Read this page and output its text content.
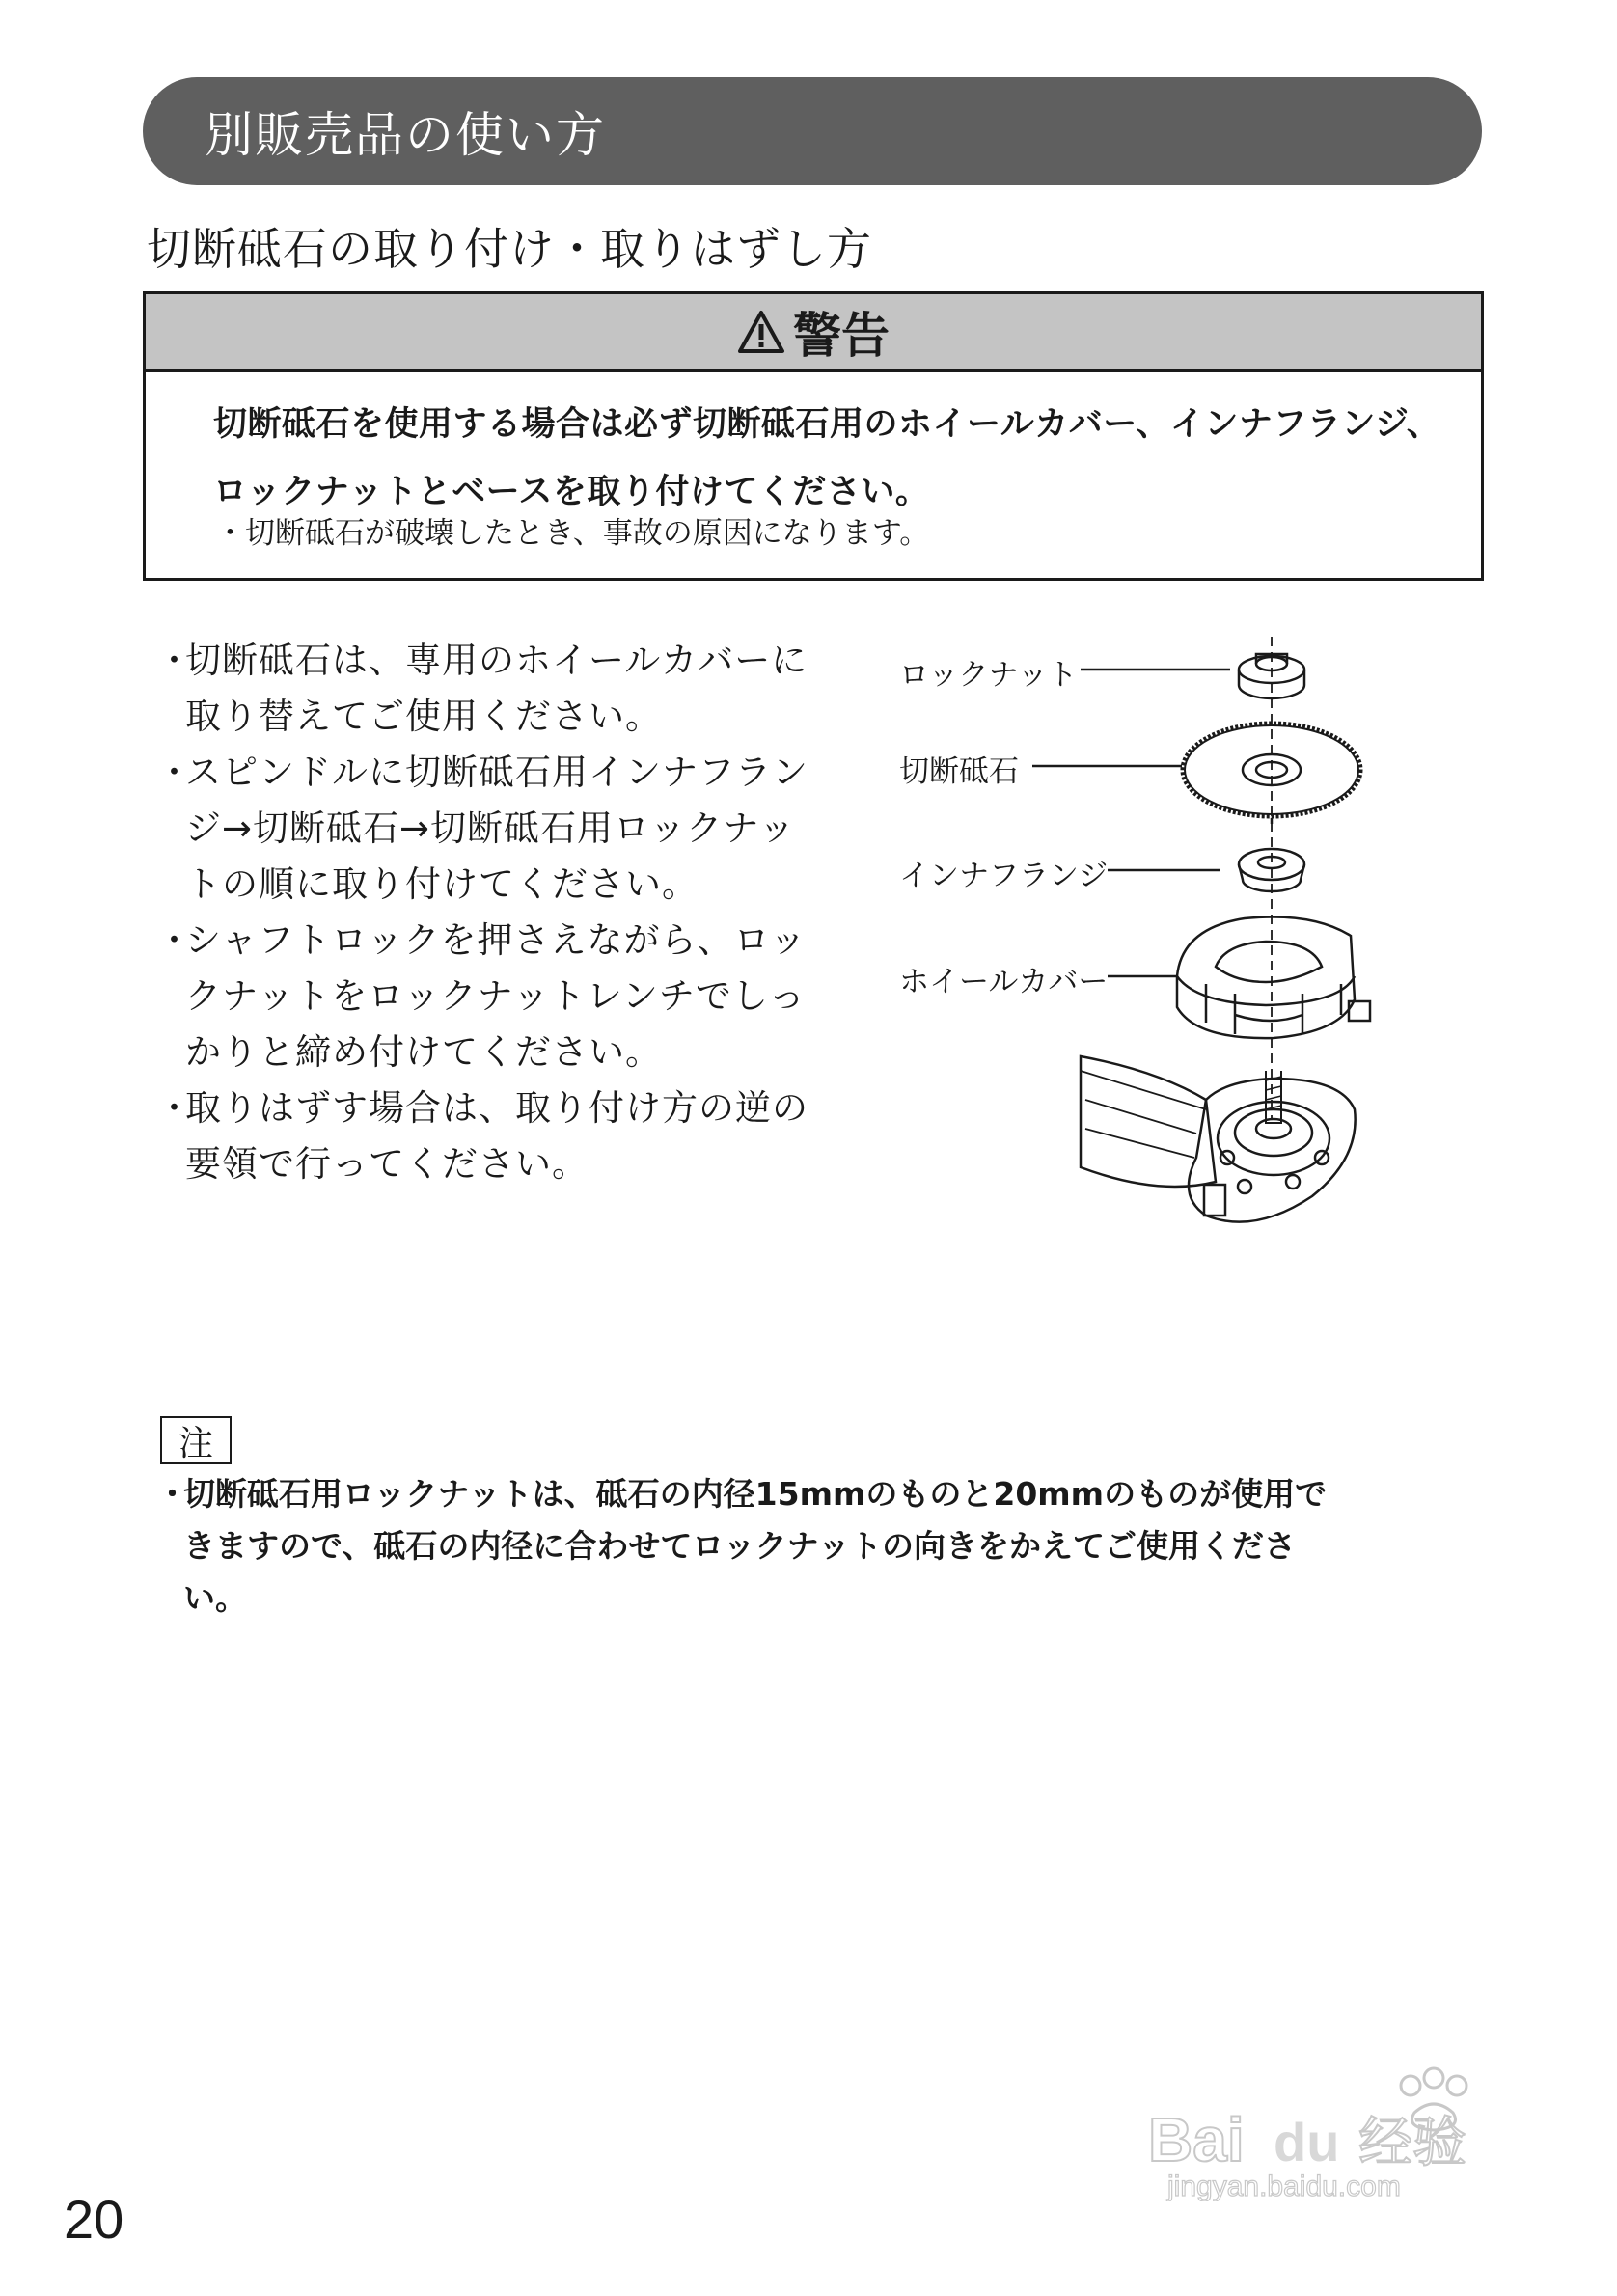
別販売品の使い方
切断砥石の取り付け・取りはずし方
警告
切断砥石を使用する場合は必ず切断砥石用のホイールカバー、インナフランジ、
ロックナットとベースを取り付けてください。
・切断砥石が破壊したとき、事故の原因になります。
・
切断砥石は、専用のホイールカバーに取り替えてご使用ください。
・
スピンドルに切断砥石用インナフランジ→切断砥石→切断砥石用ロックナットの順に取り付けてください。
・
シャフトロックを押さえながら、ロックナットをロックナットレンチでしっかりと締め付けてください。
・
取りはずす場合は、取り付け方の逆の要領で行ってください。
ロックナット
切断砥石
インナフランジ
ホイールカバー
注
・
切断砥石用ロックナットは、砥石の内径15mmのものと20mmのものが使用できますので、砥石の内径に合わせてロックナットの向きをかえてご使用ください。
20
Bai du 经验
jingyan.baidu.com
